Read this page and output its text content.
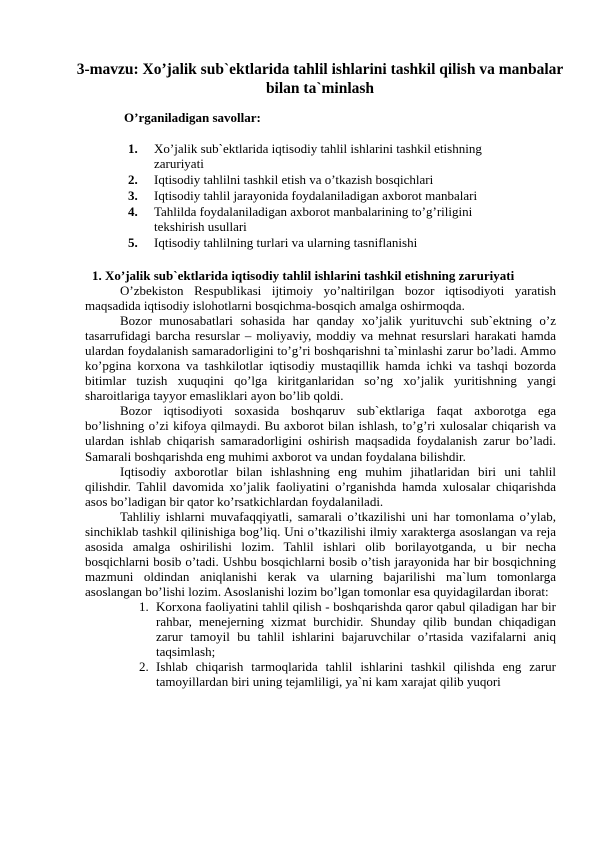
3-mavzu: Xo’jalik sub`ektlarida tahlil ishlarini tashkil qilish va manbalar bilan ta`minlash
O’rganiladigan savollar:
1.	Xo’jalik sub`ektlarida iqtisodiy tahlil ishlarini tashkil etishning zaruriyati
2.	Iqtisodiy tahlilni tashkil etish va o’tkazish bosqichlari
3.	Iqtisodiy tahlil jarayonida foydalaniladigan axborot manbalari
4.	Tahlilda foydalaniladigan axborot manbalarining to’g’riligini tekshirish usullari
5.	Iqtisodiy tahlilning turlari va ularning tasniflanishi
1. Xo’jalik sub`ektlarida iqtisodiy tahlil ishlarini tashkil etishning zaruriyati

O’zbekiston Respublikasi ijtimoiy yo’naltirilgan bozor iqtisodiyoti yaratish maqsadida iqtisodiy islohotlarni bosqichma-bosqich amalga oshirmoqda.

Bozor munosabatlari sohasida har qanday xo’jalik yurituvchi sub`ektning o’z tasarrufidagi barcha resurslar – moliyaviy, moddiy va mehnat resurslari harakati hamda ulardan foydalanish samaradorligini to’g’ri boshqarishni ta`minlashi zarur bo’ladi. Ammo ko’pgina korxona va tashkilotlar iqtisodiy mustaqillik hamda ichki va tashqi bozorda bitimlar tuzish xuquqini qo’lga kiritganlaridan so’ng xo’jalik yuritishning yangi sharoitlariga tayyor emasliklari ayon bo’lib qoldi.

Bozor iqtisodiyoti soxasida boshqaruv sub`ektlariga faqat axborotga ega bo’lishning o’zi kifoya qilmaydi. Bu axborot bilan ishlash, to’g’ri xulosalar chiqarish va ulardan ishlab chiqarish samaradorligini oshirish maqsadida foydalanish zarur bo’ladi. Samarali boshqarishda eng muhimi axborot va undan foydalana bilishdir.

Iqtisodiy axborotlar bilan ishlashning eng muhim jihatlaridan biri uni tahlil qilishdir. Tahlil davomida xo’jalik faoliyatini o’rganishda hamda xulosalar chiqarishda asos bo’ladigan bir qator ko’rsatkichlardan foydalaniladi.

Tahliliy ishlarni muvafaqqiyatli, samarali o’tkazilishi uni har tomonlama o’ylab, sinchiklab tashkil qilinishiga bog’liq. Uni o’tkazilishi ilmiy xarakterga asoslangan va reja asosida amalga oshirilishi lozim. Tahlil ishlari olib borilayotganda, u bir necha bosqichlarni bosib o’tadi. Ushbu bosqichlarni bosib o’tish jarayonida har bir bosqichning mazmuni oldindan aniqlanishi kerak va ularning bajarilishi ma`lum tomonlarga asoslangan bo’lishi lozim. Asoslanishi lozim bo’lgan tomonlar esa quyidagilardan iborat:

1. Korxona faoliyatini tahlil qilish - boshqarishda qaror qabul qiladigan har bir rahbar, menejerning xizmat burchidir. Shunday qilib bundan chiqadigan zarur tamoyil bu tahlil ishlarini bajaruvchilar o’rtasida vazifalarni aniq taqsimlash;
2. Ishlab chiqarish tarmoqlarida tahlil ishlarini tashkil qilishda eng zarur tamoyillardan biri uning tejamliligi, ya`ni kam xarajat qilib yuqori
